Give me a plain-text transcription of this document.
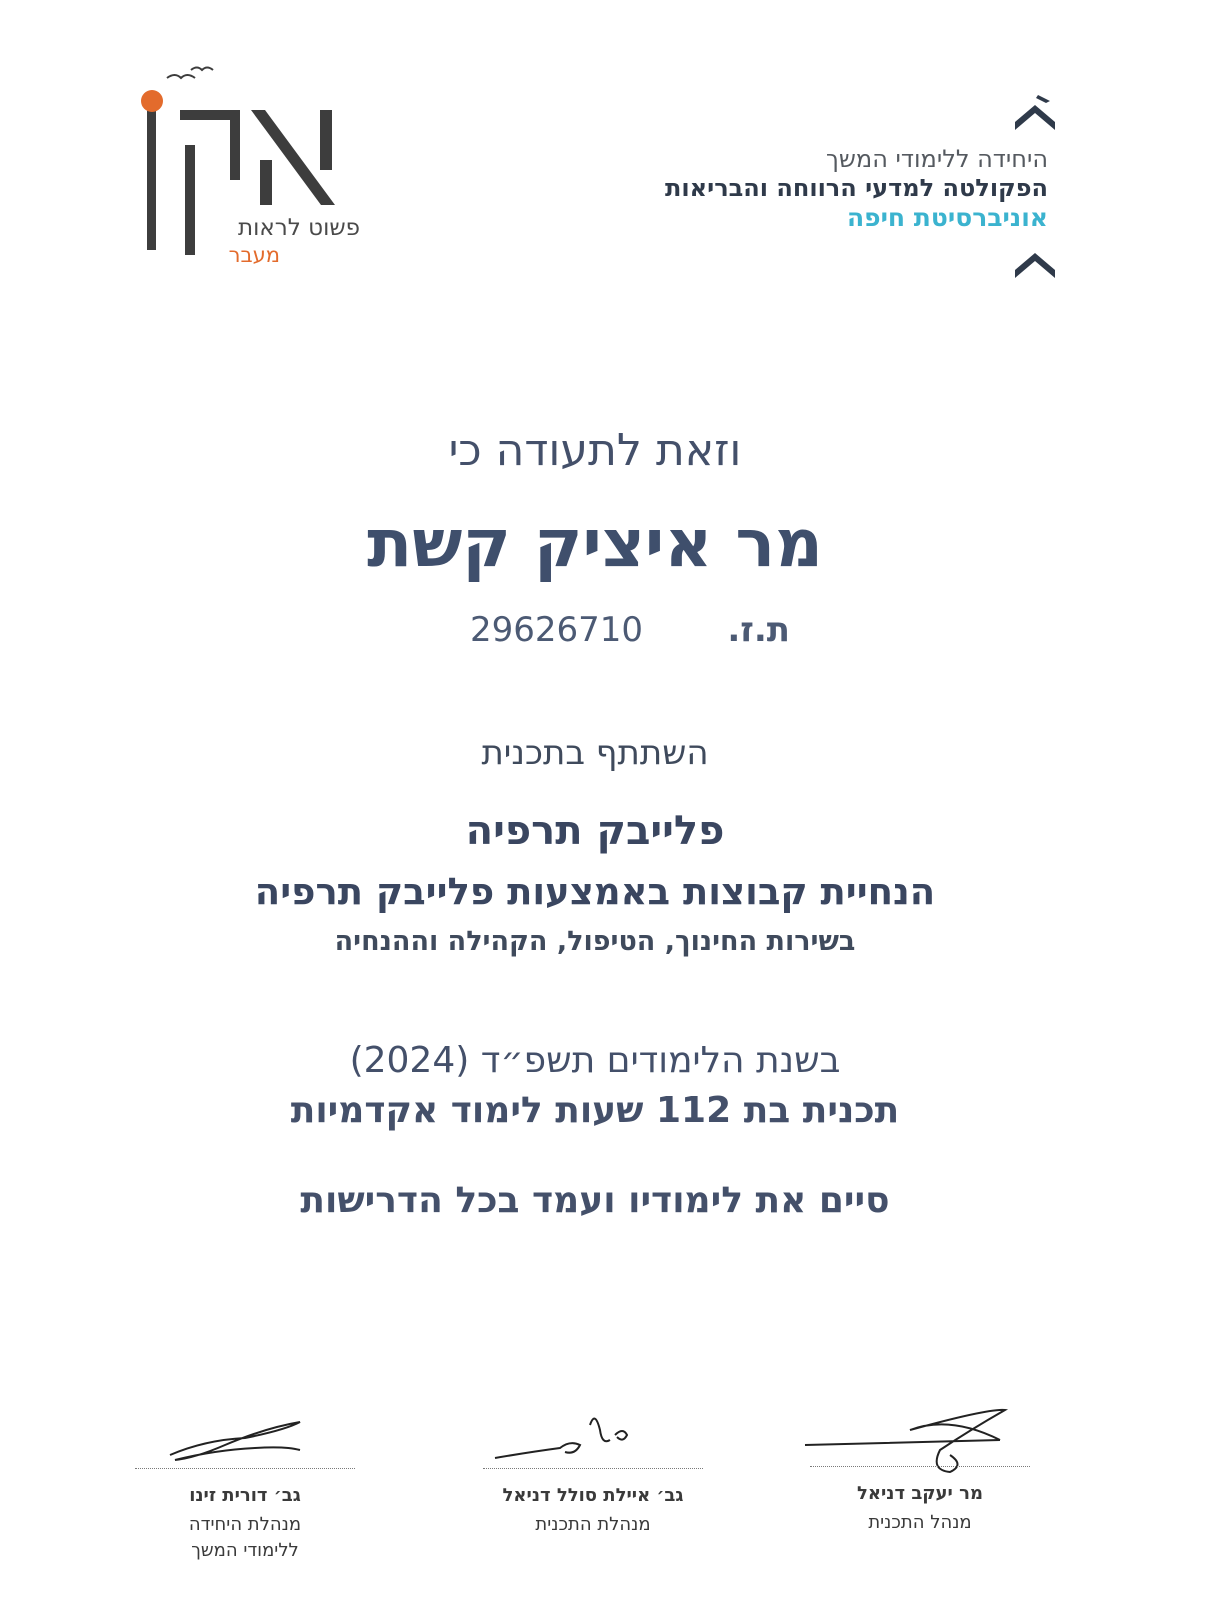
פשוט לראות
מעבר
היחידה ללימודי המשך
הפקולטה למדעי הרווחה והבריאות
אוניברסיטת חיפה
וזאת לתעודה כי
מר איציק קשת
ת.ז.
29626710
השתתף בתכנית
פלייבק תרפיה
הנחיית קבוצות באמצעות פלייבק תרפיה
בשירות החינוך, הטיפול, הקהילה וההנחיה
בשנת הלימודים תשפ״ד (2024)
תכנית בת 112 שעות לימוד אקדמיות
סיים את לימודיו ועמד בכל הדרישות
גב׳ דורית זינו
מנהלת היחידה
ללימודי המשך
גב׳ איילת סולל דניאל
מנהלת התכנית
מר יעקב דניאל
מנהל התכנית
